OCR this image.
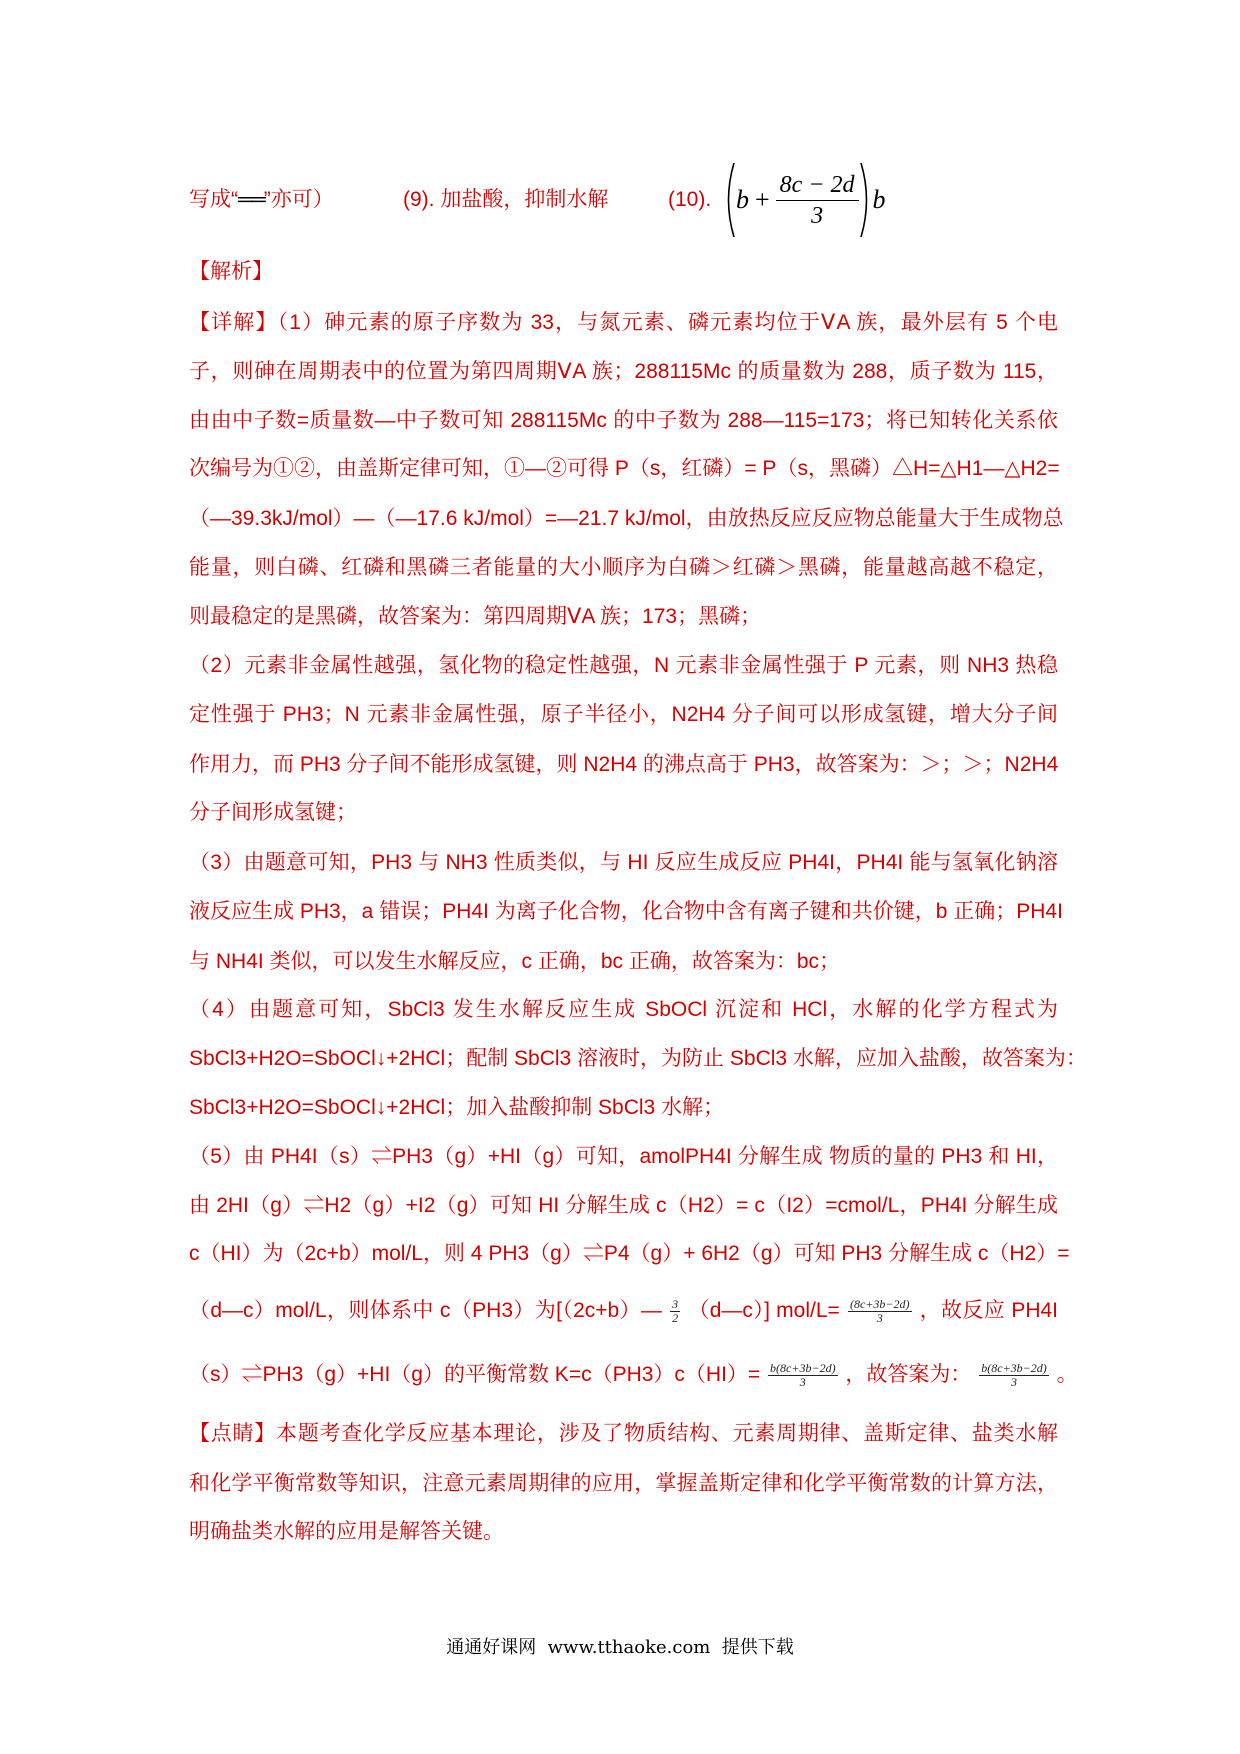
写成“══”亦可）	(9). 加盐酸，抑制水解	(10). $b + \frac{8c - 2d}{3}$ b
【解析】
【详解】（1）砷元素的原子序数为 33，与氮元素、磷元素均位于ⅤA 族，最外层有 5 个电
子，则砷在周期表中的位置为第四周期ⅤA 族；288115Mc 的质量数为 288，质子数为 115，
由由中子数=质量数—中子数可知 288115Mc 的中子数为 288—115=173；将已知转化关系依
次编号为①②，由盖斯定律可知，①—②可得 P（s，红磷）= P（s，黑磷）△H=△H1—△H2=
（—39.3kJ/mol）—（—17.6 kJ/mol）=—21.7 kJ/mol，由放热反应反应物总能量大于生成物总
能量，则白磷、红磷和黑磷三者能量的大小顺序为白磷＞红磷＞黑磷，能量越高越不稳定，
则最稳定的是黑磷，故答案为：第四周期ⅤA 族；173；黑磷；
（2）元素非金属性越强，氢化物的稳定性越强，N 元素非金属性强于 P 元素，则 NH3 热稳
定性强于 PH3；N 元素非金属性强，原子半径小，N2H4 分子间可以形成氢键，增大分子间
作用力，而 PH3 分子间不能形成氢键，则 N2H4 的沸点高于 PH3，故答案为：＞；＞；N2H4
分子间形成氢键；
（3）由题意可知，PH3 与 NH3 性质类似，与 HI 反应生成反应 PH4I，PH4I 能与氢氧化钠溶
液反应生成 PH3，a 错误；PH4I 为离子化合物，化合物中含有离子键和共价键，b 正确；PH4I
与 NH4I 类似，可以发生水解反应，c 正确，bc 正确，故答案为：bc；
（4）由题意可知，SbCl3 发生水解反应生成 SbOCl 沉淀和 HCl，水解的化学方程式为
SbCl3+H2O=SbOCl↓+2HCl；配制 SbCl3 溶液时，为防止 SbCl3 水解，应加入盐酸，故答案为：
SbCl3+H2O=SbOCl↓+2HCl；加入盐酸抑制 SbCl3 水解；
（5）由 PH4I（s）⇌PH3（g）+HI（g）可知，amolPH4I 分解生成 物质的量的 PH3 和 HI，
由 2HI（g）⇌H2（g）+I2（g）可知 HI 分解生成 c（H2）= c（I2）=cmol/L，PH4I 分解生成
c（HI）为（2c+b）mol/L，则 4 PH3（g）⇌P4（g）+ 6H2（g）可知 PH3 分解生成 c（H2）=
（d—c）mol/L，则体系中 c（PH3）为[（2c+b）— $\frac{3}{2}$ （d—c）] $mol/L= \frac{(8c+3b-2d)}{3}$ ，故反应 PH4I
（s）⇌PH3（g）+HI（g）的平衡常数 $K=c(PH3)c(HI)= \frac{b(8c+3b-2d)}{3}$ ，故答案为： $\frac{b(8c+3b-2d)}{3}$ 。
【点睛】本题考查化学反应基本理论，涉及了物质结构、元素周期律、盖斯定律、盐类水解
和化学平衡常数等知识，注意元素周期律的应用，掌握盖斯定律和化学平衡常数的计算方法，
明确盐类水解的应用是解答关键。
通通好课网  www.tthaoke.com  提供下载
